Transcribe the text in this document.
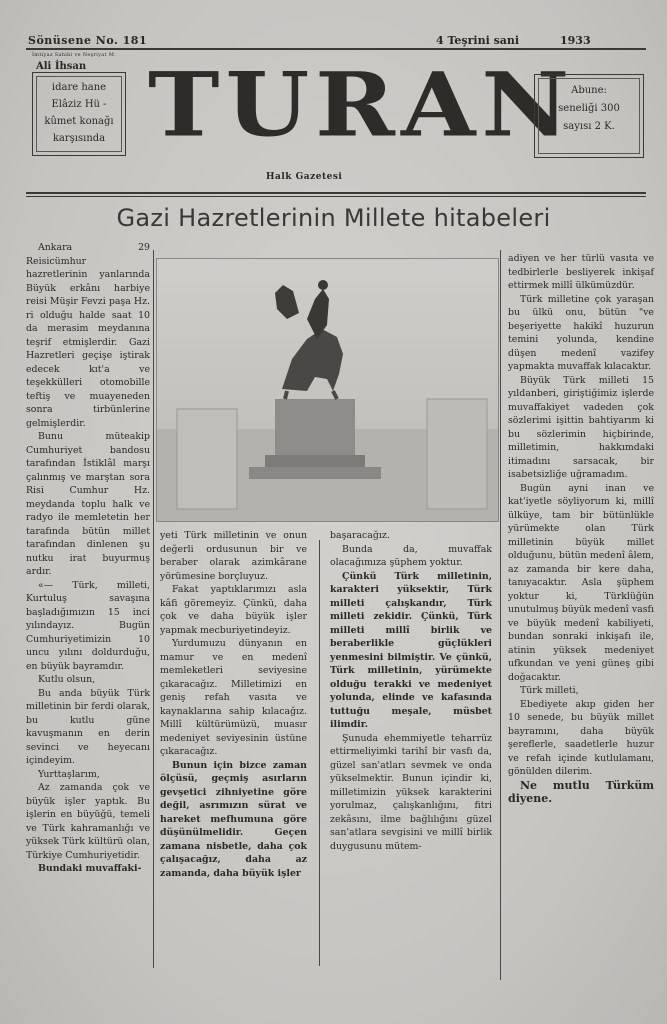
Sönüsene No. 181	4 Teşrini sani	1933
İmtiyaz Sahibi ve Neşriyat M.
Ali İhsan
idare hane
Elâziz Hü -
kûmet konağı
karşısında TURAN
Abune:
seneliği 300
sayısı 2 K.
Halk Gazetesi
Gazi Hazretlerinin Millete hitabeleri

Ankara 29 Reisicümhur hazretlerinin yanlarında Büyük erkânı harbiye reisi Müşir Fevzi paşa Hz. ri olduğu halde saat 10 da merasim meydanına teşrif etmişlerdir. Gazi Hazretleri geçişe iştirak edecek kıt'a ve teşekkülleri otomobille teftiş ve muayeneden sonra tirbünlerine gelmişlerdir.

Bunu müteakip Cumhuriyet bandosu tarafından İstiklâl marşı çalınmış ve marştan sora Risi Cumhur Hz. meydanda toplu halk ve radyo ile memletetin her tarafında bütün millet tarafından dinlenen şu nutku irat buyurmuş ardır.

«— Türk, milleti, Kurtuluş savaşına başladığımızın 15 inci yılındayız. Bugün Cumhuriyetimizin 10 uncu yılını doldurduğu, en büyük bayramdır.

Kutlu olsun,

Bu anda büyük Türk milletinin bir ferdi olarak, bu kutlu güne kavuşmanın en derin sevinci ve heyecanı içindeyim.

Yurttaşlarım,

Az zamanda çok ve büyük işler yaptık. Bu işlerin en büyüğü, temeli ve Türk kahramanlığı ve yüksek Türk kültürü olan, Türkiye Cumhuriyetidir.

Bundaki muvaffaki-

yeti Türk milletinin ve onun değerli ordusunun bir ve beraber olarak azimkârane yörümesine borçluyuz.

Fakat yaptıklarımızı asla kâfi göremeyiz. Çünkü, daha çok ve daha büyük işler yapmak mecburiyetindeyiz.

Yurdumuzu dünyanın en mamur ve en medenî memleketleri seviyesine çıkaracağız. Milletimizi en geniş refah vasıta ve kaynaklarına sahip kılacağız. Millî kültürümüzü, muasır medeniyet seviyesinin üstüne çıkaracağız.

Bunun için bizce zaman ölçüsü, geçmiş asırların gevşetici zihniyetine göre değil, asrımızın sürat ve hareket mefhumuna göre düşünülmelidir. Geçen zamana nisbetle, daha çok çalışacağız, daha az zamanda, daha büyük işler

başaracağız.

Bunda da, muvaffak olacağımıza şüphem yoktur.

Çünkü Türk milletinin, karakteri yüksektir, Türk milleti çalışkandır, Türk milleti zekidir. Çünkü, Türk milleti millî birlik ve beraberlikle güçlükleri yenmesini bilmiştir. Ve çünkü, Türk milletinin, yürümekte olduğu terakki ve medeniyet yolunda, elinde ve kafasında tuttuğu meşale, müsbet ilimdir.

Şunuda ehemmiyetle teharrüz ettirmeliyimki tarihî bir vasfı da, güzel san'atları sevmek ve onda yükselmektir. Bunun içindir ki, milletimizin yüksek karakterini yorulmaz, çalışkanlığını, fitri zekâsını, ilme bağlılığını güzel san'atlara sevgisini ve millî birlik duygusunu mütem-

adiyen ve her türlü vasıta ve tedbirlerle besliyerek inkişaf ettirmek millî ülkümüzdür.

Türk milletine çok yaraşan bu ülkü onu, bütün "ve beşeriyette hakikî huzurun temini yolunda, kendine düşen medenî vazifey yapmakta muvaffak kılacaktır.

Büyük Türk milleti 15 yıldanberi, giriştiğimiz işlerde muvaffakiyet vadeden çok sözlerimi işittin bahtiyarım ki bu sözlerimin hiçbirinde, milletimin, hakkımdaki itimadını sarsacak, bir isabetsizliğe uğramadım.

Bugün ayni inan ve kat'iyetle söyliyorum ki, millî ülküye, tam bir bütünlükle yürümekte olan Türk milletinin büyük millet olduğunu, bütün medenî âlem, az zamanda bir kere daha, tanıyacaktır. Asla şüphem yoktur ki, Türklüğün unutulmuş büyük medenî vasfı ve büyük medenî kabiliyeti, bundan sonraki inkişafı ile, atinin yüksek medeniyet ufkundan ve yeni güneş gibi doğacaktır.

Türk milleti,

Ebediyete akıp giden her 10 senede, bu büyük millet bayramını, daha büyük şereflerle, saadetlerle huzur ve refah içinde kutlulamanı, gönülden dilerim.

Ne mutlu Türküm diyene.
